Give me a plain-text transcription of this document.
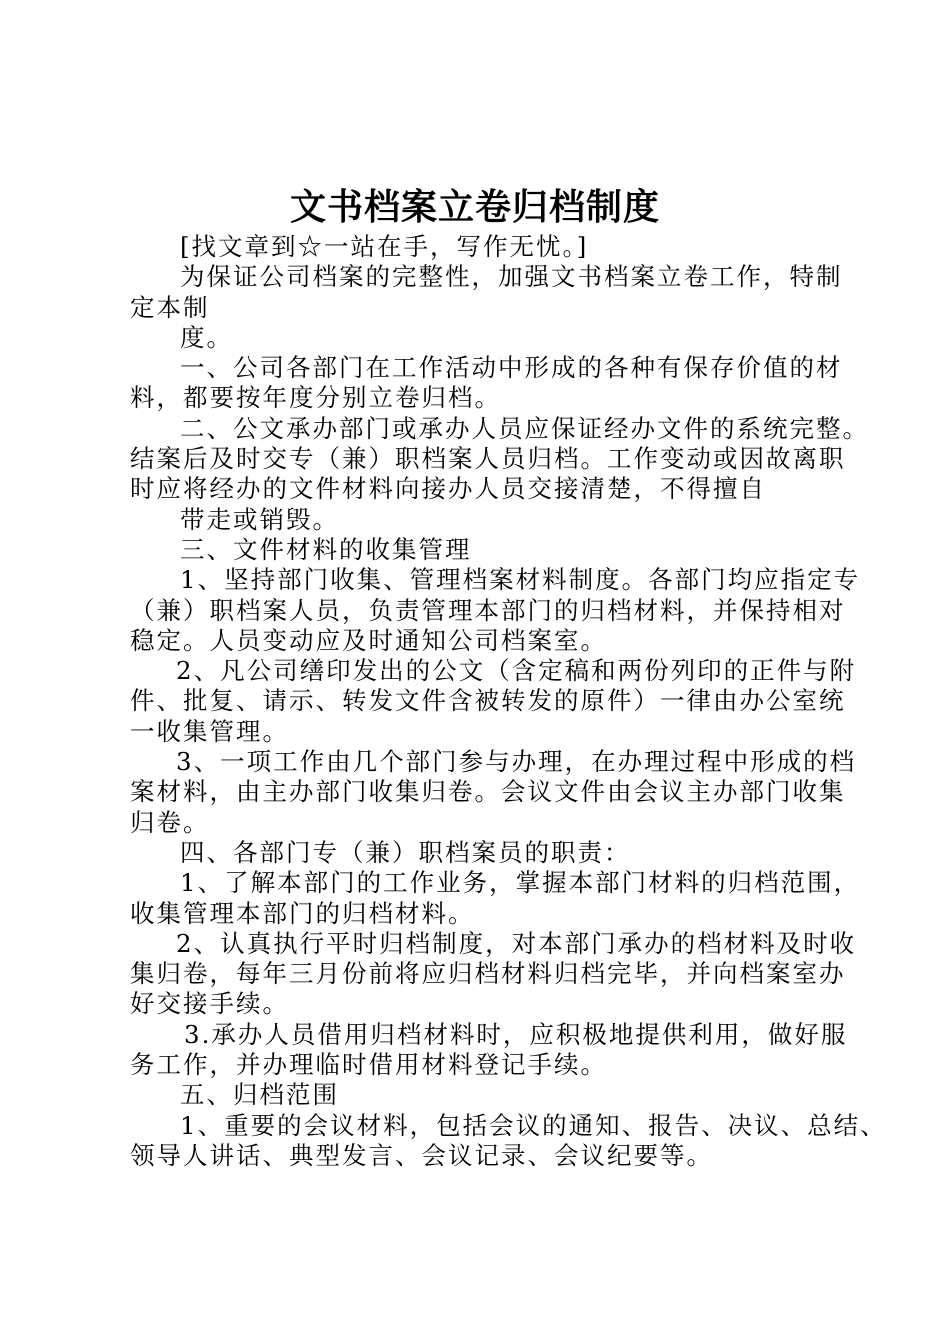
文书档案立卷归档制度
[找文章到☆一站在手，写作无忧。]
为保证公司档案的完整性，加强文书档案立卷工作，特制
定本制
度。
一、公司各部门在工作活动中形成的各种有保存价值的材
料，都要按年度分别立卷归档。
二、公文承办部门或承办人员应保证经办文件的系统完整。
结案后及时交专（兼）职档案人员归档。工作变动或因故离职
时应将经办的文件材料向接办人员交接清楚，不得擅自
带走或销毁。
三、文件材料的收集管理
1、坚持部门收集、管理档案材料制度。各部门均应指定专
（兼）职档案人员，负责管理本部门的归档材料，并保持相对
稳定。人员变动应及时通知公司档案室。
2、凡公司缮印发出的公文（含定稿和两份列印的正件与附
件、批复、请示、转发文件含被转发的原件）一律由办公室统
一收集管理。
3、一项工作由几个部门参与办理，在办理过程中形成的档
案材料，由主办部门收集归卷。会议文件由会议主办部门收集
归卷。
四、各部门专（兼）职档案员的职责：
1、了解本部门的工作业务，掌握本部门材料的归档范围，
收集管理本部门的归档材料。
2、认真执行平时归档制度，对本部门承办的档材料及时收
集归卷，每年三月份前将应归档材料归档完毕，并向档案室办
好交接手续。
3.承办人员借用归档材料时，应积极地提供利用，做好服
务工作，并办理临时借用材料登记手续。
五、归档范围
1、重要的会议材料，包括会议的通知、报告、决议、总结、
领导人讲话、典型发言、会议记录、会议纪要等。
